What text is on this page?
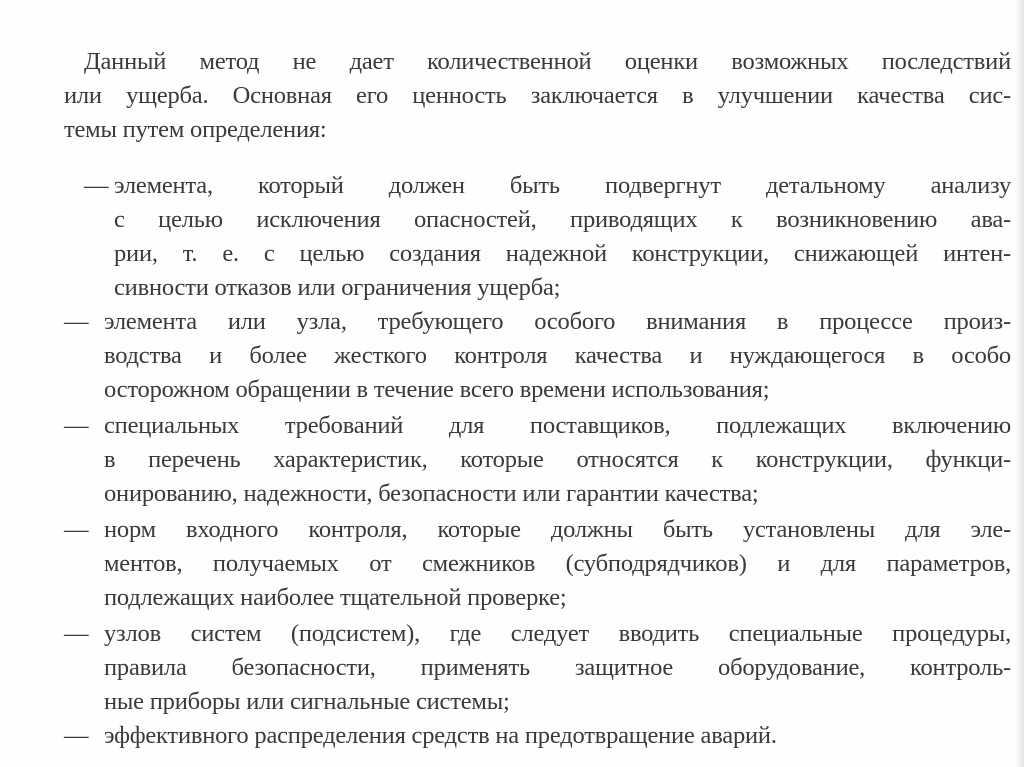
Данный метод не дает количественной оценки возможных последствий
или ущерба. Основная его ценность заключается в улучшении качества сис-
темы путем определения:
— элемента, который должен быть подвергнут детальному анализу
с целью исключения опасностей, приводящих к возникновению ава-
рии, т. е. с целью создания надежной конструкции, снижающей интен-
сивности отказов или ограничения ущерба;
— элемента или узла, требующего особого внимания в процессе произ-
водства и более жесткого контроля качества и нуждающегося в особо
осторожном обращении в течение всего времени использования;
— специальных требований для поставщиков, подлежащих включению
в перечень характеристик, которые относятся к конструкции, функци-
онированию, надежности, безопасности или гарантии качества;
— норм входного контроля, которые должны быть установлены для эле-
ментов, получаемых от смежников (субподрядчиков) и для параметров,
подлежащих наиболее тщательной проверке;
— узлов систем (подсистем), где следует вводить специальные процедуры,
правила безопасности, применять защитное оборудование, контроль-
ные приборы или сигнальные системы;
— эффективного распределения средств на предотвращение аварий.
